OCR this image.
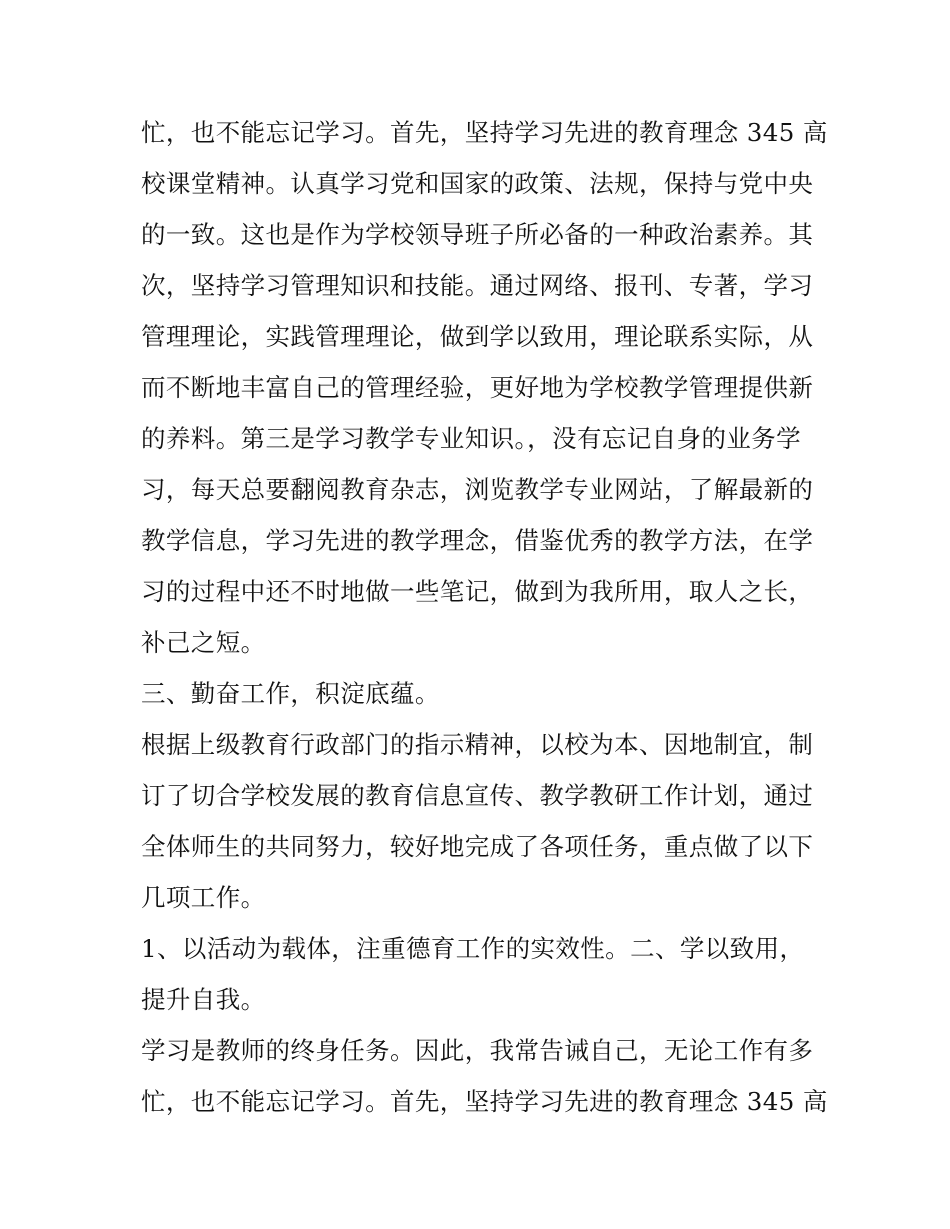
忙，也不能忘记学习。首先，坚持学习先进的教育理念 345 高
校课堂精神。认真学习党和国家的政策、法规，保持与党中央
的一致。这也是作为学校领导班子所必备的一种政治素养。其
次，坚持学习管理知识和技能。通过网络、报刊、专著，学习
管理理论，实践管理理论，做到学以致用，理论联系实际，从
而不断地丰富自己的管理经验，更好地为学校教学管理提供新
的养料。第三是学习教学专业知识。，没有忘记自身的业务学
习，每天总要翻阅教育杂志，浏览教学专业网站，了解最新的
教学信息，学习先进的教学理念，借鉴优秀的教学方法，在学
习的过程中还不时地做一些笔记，做到为我所用，取人之长，
补己之短。
三、勤奋工作，积淀底蕴。
根据上级教育行政部门的指示精神，以校为本、因地制宜，制
订了切合学校发展的教育信息宣传、教学教研工作计划，通过
全体师生的共同努力，较好地完成了各项任务，重点做了以下
几项工作。
1、以活动为载体，注重德育工作的实效性。二、学以致用，
提升自我。
学习是教师的终身任务。因此，我常告诫自己，无论工作有多
忙，也不能忘记学习。首先，坚持学习先进的教育理念 345 高
